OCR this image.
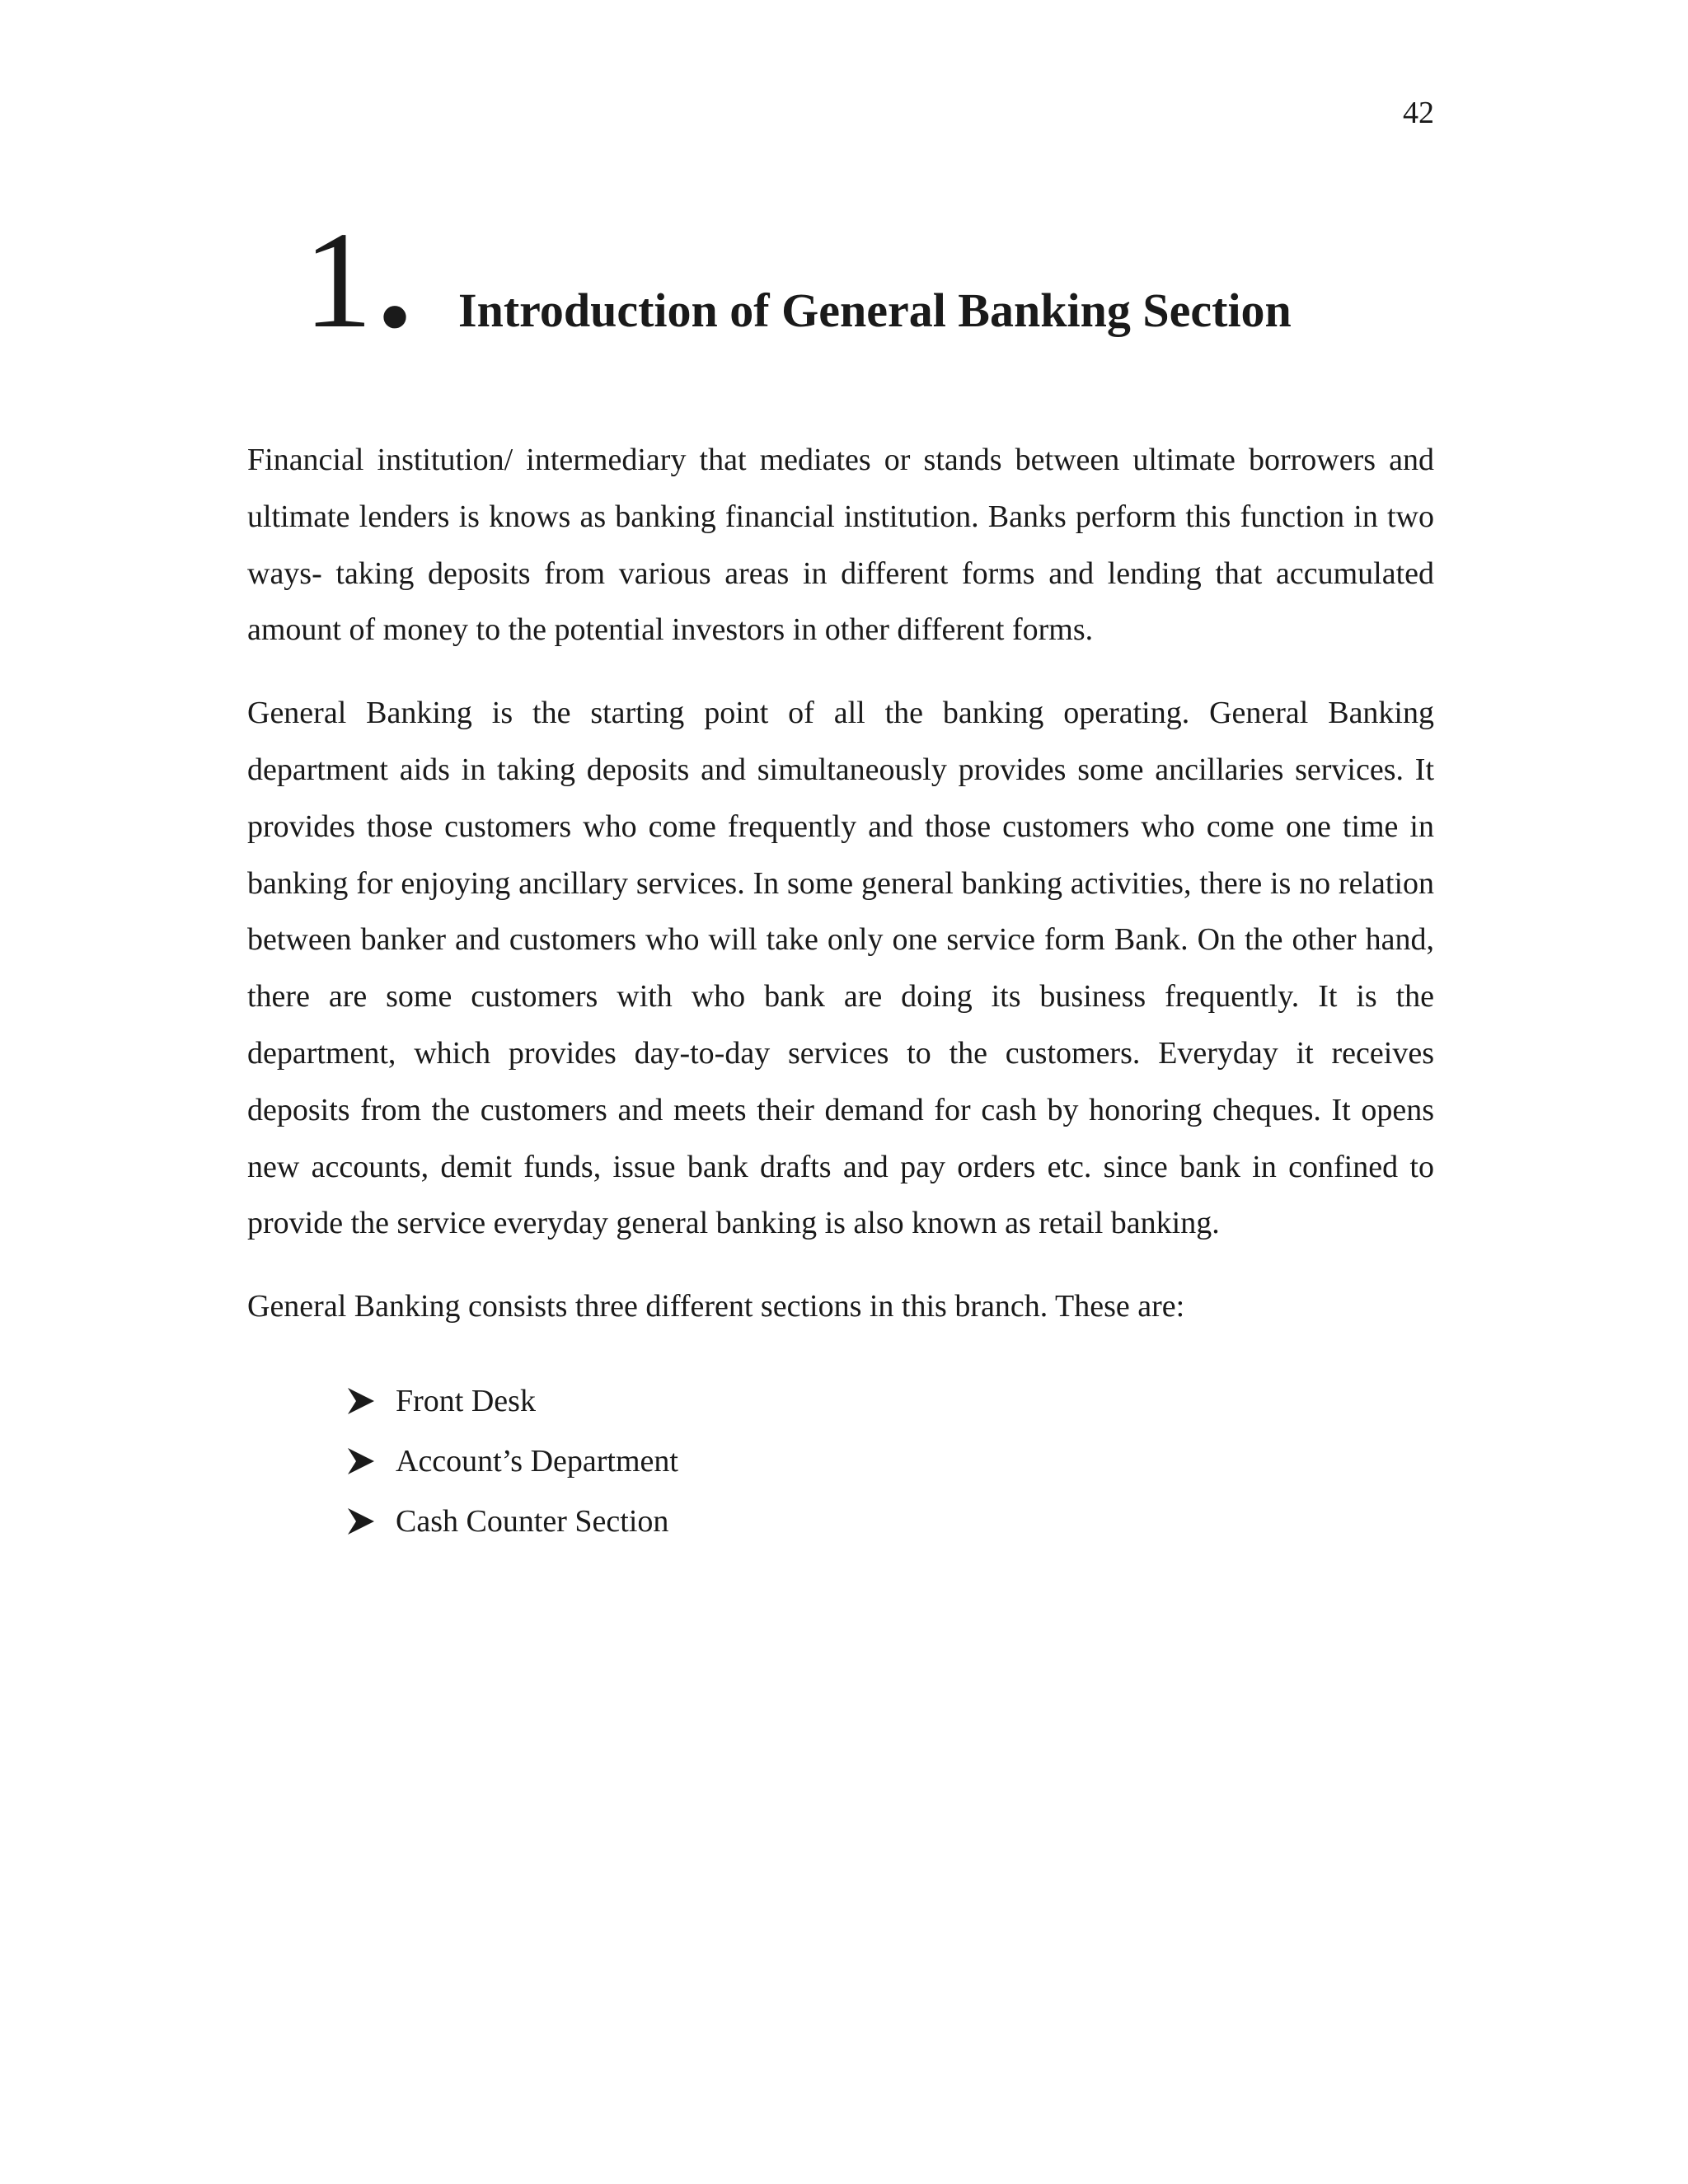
42
1 . Introduction of General Banking Section

Financial institution/ intermediary that mediates or stands between ultimate borrowers and ultimate lenders is knows as banking financial institution. Banks perform this function in two ways- taking deposits from various areas in different forms and lending that accumulated amount of money to the potential investors in other different forms.

General Banking is the starting point of all the banking operating. General Banking department aids in taking deposits and simultaneously provides some ancillaries services. It provides those customers who come frequently and those customers who come one time in banking for enjoying ancillary services. In some general banking activities, there is no relation between banker and customers who will take only one service form Bank. On the other hand, there are some customers with who bank are doing its business frequently. It is the department, which provides day-to-day services to the customers. Everyday it receives deposits from the customers and meets their demand for cash by honoring cheques. It opens new accounts, demit funds, issue bank drafts and pay orders etc. since bank in confined to provide the service everyday general banking is also known as retail banking.

General Banking consists three different sections in this branch. These are:

Front Desk
Account’s Department
Cash Counter Section
